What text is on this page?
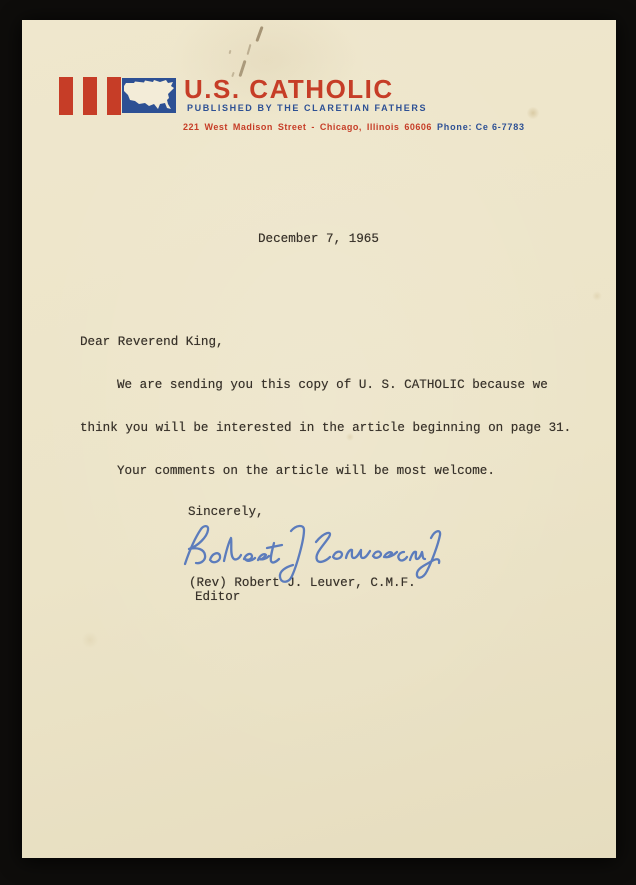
U.S. CATHOLIC
PUBLISHED BY THE CLARETIAN FATHERS
221 West Madison Street - Chicago, Illinois 60606 Phone: Ce 6-7783
December 7, 1965
Dear Reverend King,
We are sending you this copy of U. S. CATHOLIC because we
think you will be interested in the article beginning on page 31.
Your comments on the article will be most welcome.
Sincerely,
(Rev) Robert J. Leuver, C.M.F.
Editor
